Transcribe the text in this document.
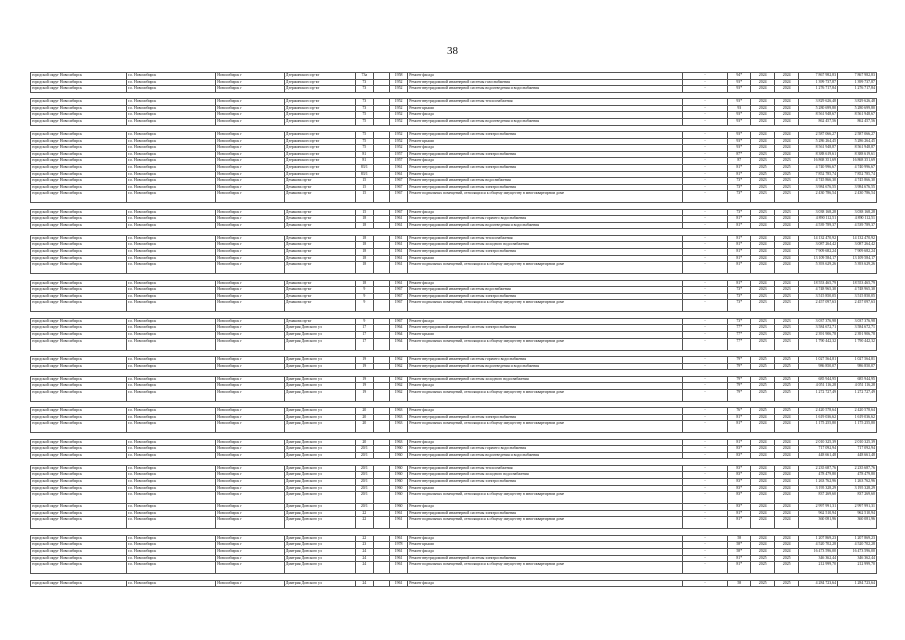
38
городской округ Новосибирск	г.о. Новосибирск	Новосибирск г	Дзержинского пр-кт	73а		1958	Ремонт фасада	-	94*	2024	2024	7 867 982,83	7 867 982,83
городской округ Новосибирск	г.о. Новосибирск	Новосибирск г	Дзержинского пр-кт	73		1952	Ремонт внутридомовой инженерной системы газоснабжения	-	93*	2024	2024	1 399 737,87	1 399 737,87
городской округ Новосибирск	г.о. Новосибирск	Новосибирск г	Дзержинского пр-кт	73		1952	Ремонт внутридомовой инженерной системы водоотведения и водоснабжения	-	93*	2024	2024	1 276 717,84	1 276 717,84

городской округ Новосибирск	г.о. Новосибирск	Новосибирск г	Дзержинского пр-кт	73		1952	Ремонт внутридомовой инженерной системы теплоснабжения	-	93*	2024	2024	3 829 626,48	3 829 626,48
городской округ Новосибирск	г.о. Новосибирск	Новосибирск г	Дзержинского пр-кт	73		1952	Ремонт крыши	-	93	2024	2024	5 280 699,80	5 280 699,80
городской округ Новосибирск	г.о. Новосибирск	Новосибирск г	Дзержинского пр-кт	75		1952	Ремонт фасада	-	93*	2024	2024	8 561 948,67	8 561 948,67
городской округ Новосибирск	г.о. Новосибирск	Новосибирск г	Дзержинского пр-кт	75		1952	Ремонт внутридомовой инженерной системы водоотведения и водоснабжения	-	93*	2024	2024	862 457,56	862 457,56

городской округ Новосибирск	г.о. Новосибирск	Новосибирск г	Дзержинского пр-кт	75		1952	Ремонт внутридомовой инженерной системы электроснабжения	-	93*	2024	2024	2 587 066,27	2 587 066,27
городской округ Новосибирск	г.о. Новосибирск	Новосибирск г	Дзержинского пр-кт	75		1952	Ремонт крыши	-	93*	2024	2024	5 286 264,45	5 286 264,45
городской округ Новосибирск	г.о. Новосибирск	Новосибирск г	Дзержинского пр-кт	75		1952	Ремонт фасада	-	93*	2024	2024	8 561 948,87	8 561 948,87
городской округ Новосибирск	г.о. Новосибирск	Новосибирск г	Дзержинского пр-кт	81		1957	Ремонт внутридомовой инженерной системы электроснабжения	-	87*	2023	2024	8 388 619,61	8 388 619,61
городской округ Новосибирск	г.о. Новосибирск	Новосибирск г	Дзержинского пр-кт	81		1957	Ремонт фасада	-	87	2023	2023	16 868 351,69	16 868 351,69
городской округ Новосибирск	г.о. Новосибирск	Новосибирск г	Дзержинского пр-кт	83/1		1961	Ремонт внутридомовой инженерной системы электроснабжения	-	81*	2025	2025	4 740 996,67	4 740 996,67
городской округ Новосибирск	г.о. Новосибирск	Новосибирск г	Дзержинского пр-кт	83/1		1961	Ремонт фасада	-	81*	2025	2025	7 852 785,74	7 852 785,74
городской округ Новосибирск	г.о. Новосибирск	Новосибирск г	Демакова пр-кт	15		1967	Ремонт внутридомовой инженерной системы водоснабжения	-	73*	2023	2023	4 745 866,30	4 745 866,30
городской округ Новосибирск	г.о. Новосибирск	Новосибирск г	Демакова пр-кт	15		1967	Ремонт внутридомовой инженерной системы электроснабжения	-	73*	2023	2023	3 984 676,55	3 984 676,55
городской округ Новосибирск	г.о. Новосибирск	Новосибирск г	Демакова пр-кт	15		1967	Ремонт подвальных помещений, относящихся к общему имуществу в многоквартирном доме	-	73*	2023	2023	2 430 786,54	2 430 786,54

городской округ Новосибирск	г.о. Новосибирск	Новосибирск г	Демакова пр-кт	15		1967	Ремонт фасада	-	73*	2023	2023	3 038 168,28	3 038 168,28
городской округ Новосибирск	г.о. Новосибирск	Новосибирск г	Демакова пр-кт	18		1961	Ремонт внутридомовой инженерной системы горячего водоснабжения	-	81*	2024	2024	4 890 112,51	4 890 112,51
городской округ Новосибирск	г.о. Новосибирск	Новосибирск г	Демакова пр-кт	18		1961	Ремонт внутридомовой инженерной системы водоотведения и водоснабжения	-	81*	2024	2024	4 539 789,37	4 539 789,37

городской округ Новосибирск	г.о. Новосибирск	Новосибирск г	Демакова пр-кт	18		1961	Ремонт внутридомовой инженерной системы теплоснабжения	-	81*	2024	2024	14 132 470,92	14 132 470,92
городской округ Новосибирск	г.о. Новосибирск	Новосибирск г	Демакова пр-кт	18		1961	Ремонт внутридомовой инженерной системы холодного водоснабжения	-	81*	2024	2024	3 087 264,42	3 087 264,42
городской округ Новосибирск	г.о. Новосибирск	Новосибирск г	Демакова пр-кт	18		1961	Ремонт внутридомовой инженерной системы электроснабжения	-	81*	2024	2024	7 909 682,24	7 909 682,24
городской округ Новосибирск	г.о. Новосибирск	Новосибирск г	Демакова пр-кт	18		1961	Ремонт крыши	-	81*	2024	2024	13 109 584,17	13 109 584,17
городской округ Новосибирск	г.о. Новосибирск	Новосибирск г	Демакова пр-кт	18		1961	Ремонт подвальных помещений, относящихся к общему имуществу в многоквартирном доме	-	81*	2024	2024	5 393 629,26	5 393 629,26

городской округ Новосибирск	г.о. Новосибирск	Новосибирск г	Демакова пр-кт	18		1961	Ремонт фасада	-	81*	2024	2024	18 553 465,79	18 553 465,79
городской округ Новосибирск	г.о. Новосибирск	Новосибирск г	Демакова пр-кт	9		1967	Ремонт внутридомовой инженерной системы водоснабжения	-	73*	2023	2023	4 748 965,30	4 748 965,30
городской округ Новосибирск	г.о. Новосибирск	Новосибирск г	Демакова пр-кт	9		1967	Ремонт внутридомовой инженерной системы электроснабжения	-	73*	2023	2023	3 515 850,05	3 515 850,05
городской округ Новосибирск	г.о. Новосибирск	Новосибирск г	Демакова пр-кт	9		1967	Ремонт подвальных помещений, относящихся к общему имуществу в многоквартирном доме	-	73*	2023	2023	2 457 097,63	2 457 097,63

городской округ Новосибирск	г.о. Новосибирск	Новосибирск г	Демакова пр-кт	9		1967	Ремонт фасада	-	73*	2023	2023	3 037 376,98	3 037 376,98
городской округ Новосибирск	г.о. Новосибирск	Новосибирск г	Дмитрия Донского ул	17		1964	Ремонт внутридомовой инженерной системы электроснабжения	-	77*	2023	2023	3 584 672,71	3 584 672,71
городской округ Новосибирск	г.о. Новосибирск	Новосибирск г	Дмитрия Донского ул	17		1964	Ремонт крыши	-	77*	2023	2023	2 391 906,78	2 391 906,78
городской округ Новосибирск	г.о. Новосибирск	Новосибирск г	Дмитрия Донского ул	17		1964	Ремонт подвальных помещений, относящихся к общему имуществу в многоквартирном доме	-	77*	2023	2023	1 790 442,32	1 790 442,32

городской округ Новосибирск	г.о. Новосибирск	Новосибирск г	Дмитрия Донского ул	19		1962	Ремонт внутридомовой инженерной системы горячего водоснабжения	-	79*	2025	2025	1 027 564,81	1 027 564,81
городской округ Новосибирск	г.о. Новосибирск	Новосибирск г	Дмитрия Донского ул	19		1962	Ремонт внутридомовой инженерной системы водоотведения и водоснабжения	-	79*	2025	2025	986 850,07	986 850,07

городской округ Новосибирск	г.о. Новосибирск	Новосибирск г	Дмитрия Донского ул	19		1962	Ремонт внутридомовой инженерной системы холодного водоснабжения	-	79*	2025	2025	685 944,95	685 944,95
городской округ Новосибирск	г.о. Новосибирск	Новосибирск г	Дмитрия Донского ул	19		1962	Ремонт фасада	-	79*	2025	2025	4 051 116,28	4 051 116,28
городской округ Новосибирск	г.о. Новосибирск	Новосибирск г	Дмитрия Донского ул	19		1962	Ремонт подвальных помещений, относящихся к общему имуществу в многоквартирном доме	-	79*	2025	2025	1 272 727,49	1 272 727,49

городской округ Новосибирск	г.о. Новосибирск	Новосибирск г	Дмитрия Донского ул	20		1963	Ремонт фасада	-	76*	2025	2025	2 420 578,64	2 420 578,64
городской округ Новосибирск	г.о. Новосибирск	Новосибирск г	Дмитрия Донского ул	20		1963	Ремонт внутридомовой инженерной системы электроснабжения	-	81*	2024	2024	1 619 036,62	1 619 036,62
городской округ Новосибирск	г.о. Новосибирск	Новосибирск г	Дмитрия Донского ул	20		1963	Ремонт подвальных помещений, относящихся к общему имуществу в многоквартирном доме	-	81*	2024	2024	1 175 255,80	1 175 255,80

городской округ Новосибирск	г.о. Новосибирск	Новосибирск г	Дмитрия Донского ул	20		1963	Ремонт фасада	-	81*	2024	2024	2 010 325,39	2 010 325,39
городской округ Новосибирск	г.о. Новосибирск	Новосибирск г	Дмитрия Донского ул	20/1		1960	Ремонт внутридомовой инженерной системы горячего водоснабжения	-	83*	2024	2024	717 092,94	717 092,94
городской округ Новосибирск	г.о. Новосибирск	Новосибирск г	Дмитрия Донского ул	20/1		1960	Ремонт внутридомовой инженерной системы водоотведения и водоснабжения	-	83*	2024	2024	448 661,48	448 661,48

городской округ Новосибирск	г.о. Новосибирск	Новосибирск г	Дмитрия Донского ул	20/1		1960	Ремонт внутридомовой инженерной системы теплоснабжения	-	83*	2024	2024	2 235 687,76	2 235 687,76
городской округ Новосибирск	г.о. Новосибирск	Новосибирск г	Дмитрия Донского ул	20/1		1960	Ремонт внутридомовой инженерной системы холодного водоснабжения	-	83*	2024	2024	478 479,80	478 479,80
городской округ Новосибирск	г.о. Новосибирск	Новосибирск г	Дмитрия Донского ул	20/1		1960	Ремонт внутридомовой инженерной системы электроснабжения	-	83*	2024	2024	1 263 762,96	1 263 762,96
городской округ Новосибирск	г.о. Новосибирск	Новосибирск г	Дмитрия Донского ул	20/1		1960	Ремонт крыши	-	83*	2024	2024	3 195 328,29	3 195 328,29
городской округ Новосибирск	г.о. Новосибирск	Новосибирск г	Дмитрия Донского ул	20/1		1960	Ремонт подвальных помещений, относящихся к общему имуществу в многоквартирном доме	-	83*	2024	2024	837 269,60	837 269,60
городской округ Новосибирск	г.о. Новосибирск	Новосибирск г	Дмитрия Донского ул	20/1		1960	Ремонт фасада	-	83*	2024	2024	2 997 991,31	2 997 991,31
городской округ Новосибирск	г.о. Новосибирск	Новосибирск г	Дмитрия Донского ул	22		1961	Ремонт внутридомовой инженерной системы электроснабжения	-	81*	2024	2024	962 510,94	962 510,94
городской округ Новосибирск	г.о. Новосибирск	Новосибирск г	Дмитрия Донского ул	22		1961	Ремонт подвальных помещений, относящихся к общему имуществу в многоквартирном доме	-	81*	2024	2024	360 081,96	360 081,96

городской округ Новосибирск	г.о. Новосибирск	Новосибирск г	Дмитрия Донского ул	22		1961	Ремонт фасада	-	58	2024	2024	1 207 869,23	1 207 869,23
городской округ Новосибирск	г.о. Новосибирск	Новосибирск г	Дмитрия Донского ул	23		1978	Ремонт крыши	-	58*	2024	2024	4 520 702,28	4 520 702,28
городской округ Новосибирск	г.о. Новосибирск	Новосибирск г	Дмитрия Донского ул	24		1961	Ремонт фасада	-	58*	2024	2024	16 473 596,00	16 473 596,00
городской округ Новосибирск	г.о. Новосибирск	Новосибирск г	Дмитрия Донского ул	24		1961	Ремонт внутридомовой инженерной системы электроснабжения	-	81*	2025	2025	346 362,44	346 362,44
городской округ Новосибирск	г.о. Новосибирск	Новосибирск г	Дмитрия Донского ул	24		1961	Ремонт подвальных помещений, относящихся к общему имуществу в многоквартирном доме	-	81*	2025	2025	212 999,70	212 999,70

городской округ Новосибирск	г.о. Новосибирск	Новосибирск г	Дмитрия Донского ул	24		1961	Ремонт фасада	-	58	2025	2025	4 284 723,64	1 284 723,64
